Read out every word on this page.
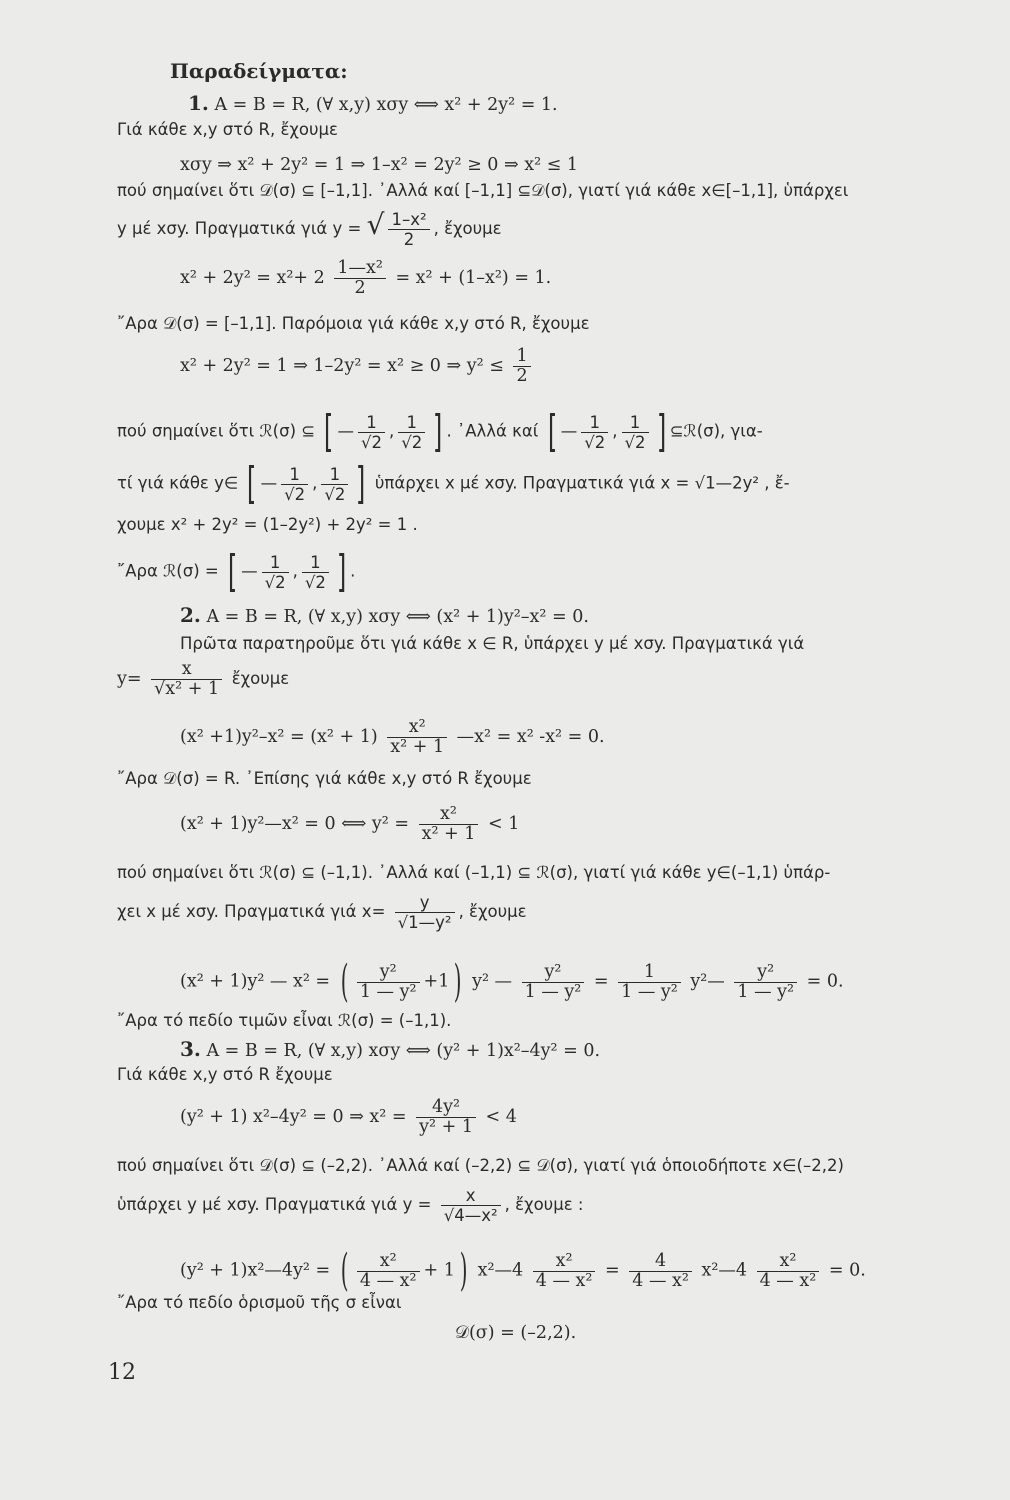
Παραδείγματα:
1. A = B = R, (∀ x,y) xσy ⟺ x² + 2y² = 1.
Γιά κάθε x,y στό R, ἔχουμε
xσy ⇒ x² + 2y² = 1 ⇒ 1–x² = 2y² ≥ 0 ⇒ x² ≤ 1
πού σημαίνει ὅτι 𝒟(σ) ⊆ [–1,1]. ᾿Αλλά καί [–1,1] ⊆𝒟(σ), γιατί γιά κάθε x∈[–1,1], ὑπάρχει
y μέ xσy. Πραγματικά γιά y = √ $\frac{\text{1–x²}}{2}$ , ἔχουμε
$x^2 + 2y^2 = x^2+ 2 \frac{\text{1—x²}}{2} = x^2 + (1-x^2) = 1$.
῎Αρα 𝒟(σ) = [–1,1]. Παρόμοια γιά κάθε x,y στό R, ἔχουμε
x² + 2y² = 1 ⇒ 1–2y² = x² ≥ 0 ⇒ $y^2 \le \frac{1}{2}$
πού σημαίνει ὅτι ℛ(σ) ⊆ [ — $\frac{1}{√2}$ , $\frac{1}{√2}$ ] . ᾿Αλλά καί [ — $\frac{1}{√2}$ , $\frac{1}{√2}$ ] ⊆ℛ(σ), για-
τί γιά κάθε y∈ [ — $\frac{1}{√2}$ , $\frac{1}{√2}$ ] ὑπάρχει x μέ xσy. Πραγματικά γιά x = √1—2y² , ἔ-
χουμε x² + 2y² = (1–2y²) + 2y² = 1 .
῎Αρα ℛ(σ) = [ — $\frac{1}{√2}$ , $\frac{1}{√2}$ ] .
2. A = B = R, (∀ x,y) xσy ⟺ (x² + 1)y²–x² = 0.
Πρῶτα παρατηροῦμε ὅτι γιά κάθε x ∈ R, ὑπάρχει y μέ xσy. Πραγματικά γιά
$y= \frac{x}{\text{√x² + 1}}$ ἔχουμε
$(x^2 +1)y^2-x^2 = (x^2 + 1) \frac{\text{x²}}{\text{x² + 1}}$ —x² = x² -x² = 0.
῎Αρα 𝒟(σ) = R. ᾿Επίσης γιά κάθε x,y στό R ἔχουμε
(x² + 1)y²—x² = 0 ⟺ $y^2 = \frac{\text{x²}}{\text{x² + 1}} < 1$
πού σημαίνει ὅτι ℛ(σ) ⊆ (–1,1). ᾿Αλλά καί (–1,1) ⊆ ℛ(σ), γιατί γιά κάθε y∈(–1,1) ὑπάρ-
χει x μέ xσy. Πραγματικά γιά $x= \frac{y}{\text{√1—y²}}$ , ἔχουμε
(x² + 1)y² — x² = ( $\frac{\text{y²}}{\text{1 — y²}} +1$ ) y² — $\frac{\text{y²}}{\text{1 — y²}} = \frac{1}{\text{1 — y²}}$ y²— $\frac{\text{y²}}{\text{1 — y²}} = 0$.
῎Αρα τό πεδίο τιμῶν εἶναι ℛ(σ) = (–1,1).
3. A = B = R, (∀ x,y) xσy ⟺ (y² + 1)x²–4y² = 0.
Γιά κάθε x,y στό R ἔχουμε
(y² + 1) x²–4y² = 0 ⇒ $x^2 = \frac{\text{4y²}}{\text{y² + 1}} < 4$
πού σημαίνει ὅτι 𝒟(σ) ⊆ (–2,2). ᾿Αλλά καί (–2,2) ⊆ 𝒟(σ), γιατί γιά ὁποιοδήποτε x∈(–2,2)
ὑπάρχει y μέ xσy. Πραγματικά γιά $y = \frac{x}{\text{√4—x²}}$ , ἔχουμε :
(y² + 1)x²—4y² = ( $\frac{\text{x²}}{\text{4 — x²}} + 1$ ) x²—4 $\frac{\text{x²}}{\text{4 — x²}} = \frac{4}{\text{4 — x²}}$ x²—4 $\frac{\text{x²}}{\text{4 — x²}} = 0$.
῎Αρα τό πεδίο ὁρισμοῦ τῆς σ εἶναι
𝒟(σ) = (–2,2).
12
